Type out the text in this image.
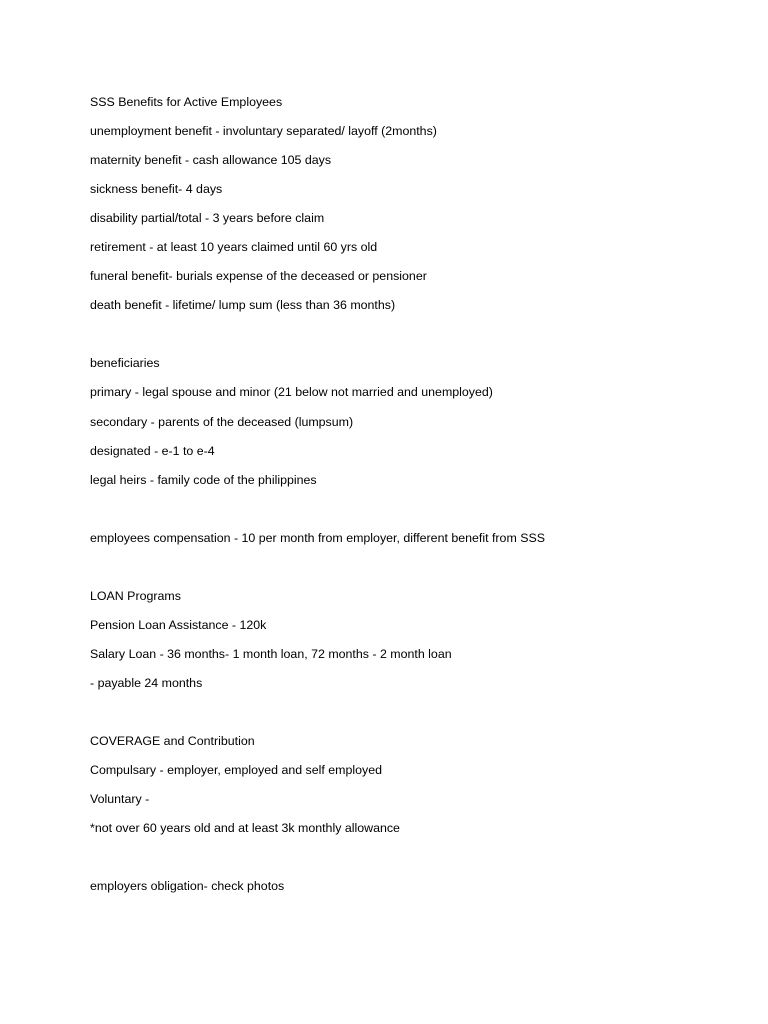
SSS Benefits for Active Employees
unemployment benefit - involuntary separated/ layoff (2months)
maternity benefit - cash allowance 105 days
sickness benefit- 4 days
disability partial/total - 3 years before claim
retirement - at least 10 years claimed until 60 yrs old
funeral benefit- burials expense of the deceased or pensioner
death benefit - lifetime/ lump sum (less than 36 months)
beneficiaries
primary - legal spouse and minor (21 below not married and unemployed)
secondary - parents of the deceased (lumpsum)
designated - e-1 to e-4
legal heirs - family code of the philippines
employees compensation - 10 per month from employer, different benefit from SSS
LOAN Programs
Pension Loan Assistance - 120k
Salary Loan - 36 months- 1 month loan, 72 months - 2 month loan
- payable 24 months
COVERAGE and Contribution
Compulsary - employer, employed and self employed
Voluntary -
*not over 60 years old and at least 3k monthly allowance
employers obligation- check photos
